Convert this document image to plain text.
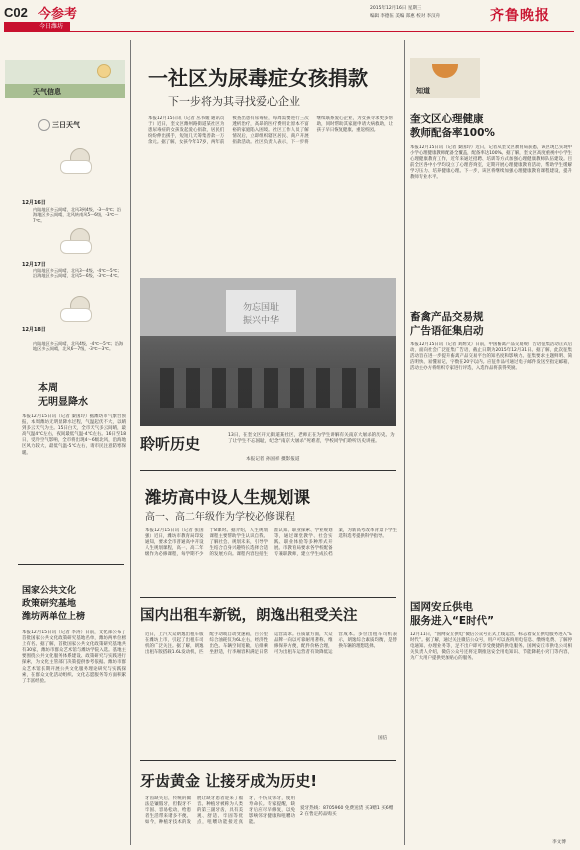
C02 今参考
今日潍坊
2015年12月16日 星期三
编辑 李德伍 美编 郑惠 校对 李汉舟	齐鲁晚报
天气信息
三日天气
12月16日
内陆地区多云间晴，北风3到4级，-3～4℃；沿海地区多云间晴，北风转南风5～6级，-3℃～7℃。
12月17日
内陆地区多云间晴，北风3～4级，-4℃～5℃；沿海地区多云间晴，北风5～6级，-3℃～4℃。
12月18日
内陆地区多云间晴，北风4级，-4℃～5℃；沿海地区多云间晴，北风6～7级，-3℃～3℃。
本周
无明显降水
本报12月15日讯（记者 秦国玲）据潍坊市气象台预报，本周潍坊无明显降水过程，气温起伏不大，以晴到多云天气为主。15日白天，全市天气多云间晴，最高气温4℃左右，夜间最低气温-4℃左右。16日至18日，受冷空气影响，全市将出现4～6级北风，沿海地区风力较大，最低气温-5℃左右，请市民注意防寒保暖。
国家公共文化
政策研究基地
潍坊两单位上榜
本报12月15日讯（记者 李涛）日前，文化部公布了首批国家公共文化政策研究基地名单，潍坊两单位榜上有名。据了解，首批国家公共文化政策研究基地共有30家，潍坊市群众艺术馆与潍坊学院入选。基地主要围绕公共文化服务体系建设、政策研究与实践进行探索，为文化主管部门决策提供参考依据。潍坊市群众艺术馆长期开展公共文化服务理论研究与实践探索，在群众文化活动组织、文化志愿服务等方面积累了丰富经验。
一社区为尿毒症女孩捐款
下一步将为其寻找爱心企业
本报12月15日讯（记者 丛书媛 通讯员 于）近日，奎文区潍州路街道某社区为患尿毒症的女孩发起爱心捐款，居民们纷纷伸出援手，短短几天筹集善款一万余元。据了解，女孩今年17岁，两年前被查出患有尿毒症，每周需要进行三次透析治疗，高昂的医疗费用让原本不富裕的家庭陷入困境。社区工作人员了解情况后，立即组织辖区居民、商户开展捐款活动。社区负责人表示，下一步将继续联系爱心企业，为女孩寻求更多帮助，同时帮助其家庭申请大病救助，让孩子早日恢复健康、重返校园。
勿忘国耻
振兴中华
聆听历史	13日，在奎文区开元街道某社区，老师正在为学生讲解有关南京大屠杀的历史。为了让学生不忘国耻，纪念“南京大屠杀”死难者，学校同学们聆听历史讲座。
本报记者 孙国祥 摄影报道
潍坊高中设人生规划课
高一、高二年级作为学校必修课程
本报12月15日讯（记者 张国强）近日，潍坊市教育局印发通知，要求全市普通高中开设人生规划课程，高一、高二年级作为必修课程，每学期不少于8课时。据介绍，人生规划课程主要帮助学生认识自我、了解社会、规划未来，引导学生结合自身兴趣特长选择合适的发展方向。课程内容包括生涯认知、职业探索、学业规划等，通过课堂教学、社会实践、职业体验等多种形式开展。市教育局要求各学校配备专兼职教师，建立学生成长档案，为新高考改革背景下学生选科选考提供科学指导。
国内出租车新锐，朗逸出租受关注
近日，上汽大众朗逸出租车版在潍坊上市，引起了出租车司机的广泛关注。据了解，朗逸出租车版搭载1.6L发动机，匹配手动或自动变速箱，百公里综合油耗仅为6L左右，经济性出色。车辆空间宽敞，后排乘坐舒适，行李厢容积满足日常运营需求。在质量方面，大众品牌一向以可靠耐用著称，维修保养方便，配件价格合理，可为出租车运营者有效降低运营成本。多位出租车司机表示，朗逸综合素质均衡，是替换车辆的理想选择。
国信
牙齿黄金 让接牙成为历史!
牙齿缺失后，传统的做法是镶假牙，但假牙不牢固、容易松动，给患者生活带来诸多不便。如今，种植牙技术的发展让缺牙患者迎来了福音。种植牙被称为人类的第三副牙齿，具有美观、舒适、牢固等优点，咀嚼功能接近真牙，不伤及邻牙，使用寿命长。专家提醒，缺牙后应尽早修复，以免影响邻牙健康和咀嚼功能。
爱牙热线：8705960 免费送货 买3赠1 买6赠2 在售定药品购买
知道
奎文区心理健康
教师配备率100%
本报12月15日讯（记者 秦国玲）近日，记者从奎文区教育局获悉，该区现已实现中小学心理健康教师配备全覆盖，配备率达100%。据了解，奎文区高度重视中小学生心理健康教育工作，近年来通过招聘、培训等方式加强心理健康教师队伍建设。目前全区各中小学均设立了心理咨询室，定期开展心理健康教育活动，帮助学生缓解学习压力、培养健康心理。下一步，该区将继续加强心理健康教育课程建设，提升教师专业水平。
畜禽产品交易规
广告语征集启动
本报12月15日讯（记者 刘炳文）日前，中国畜禽产品交易规广告语征集活动正式启动，面向社会广泛征集广告语，截止日期为2015年12月31日。据了解，此次征集活动旨在进一步提升畜禽产品交易平台的知名度和影响力。征集要求主题鲜明、简洁明快、易懂易记，字数在20字以内。应征作品可通过电子邮件发送至指定邮箱，活动主办方将组织专家进行评选，入选作品将获得奖励。
国网安丘供电
服务进入“E时代”
12月11日，“国网安丘供电”微信公众号正式上线运营，标志着安丘供电服务进入“E时代”。据了解，通过关注微信公众号，用户可以查询用电信息、缴纳电费、了解停电通知、办理业务等，足不出户即可享受便捷的供电服务。国网安丘市供电公司相关负责人介绍，微信公众号还将定期推送安全用电知识、节能降耗小窍门等内容，为广大用户提供更加贴心的服务。
李文博
